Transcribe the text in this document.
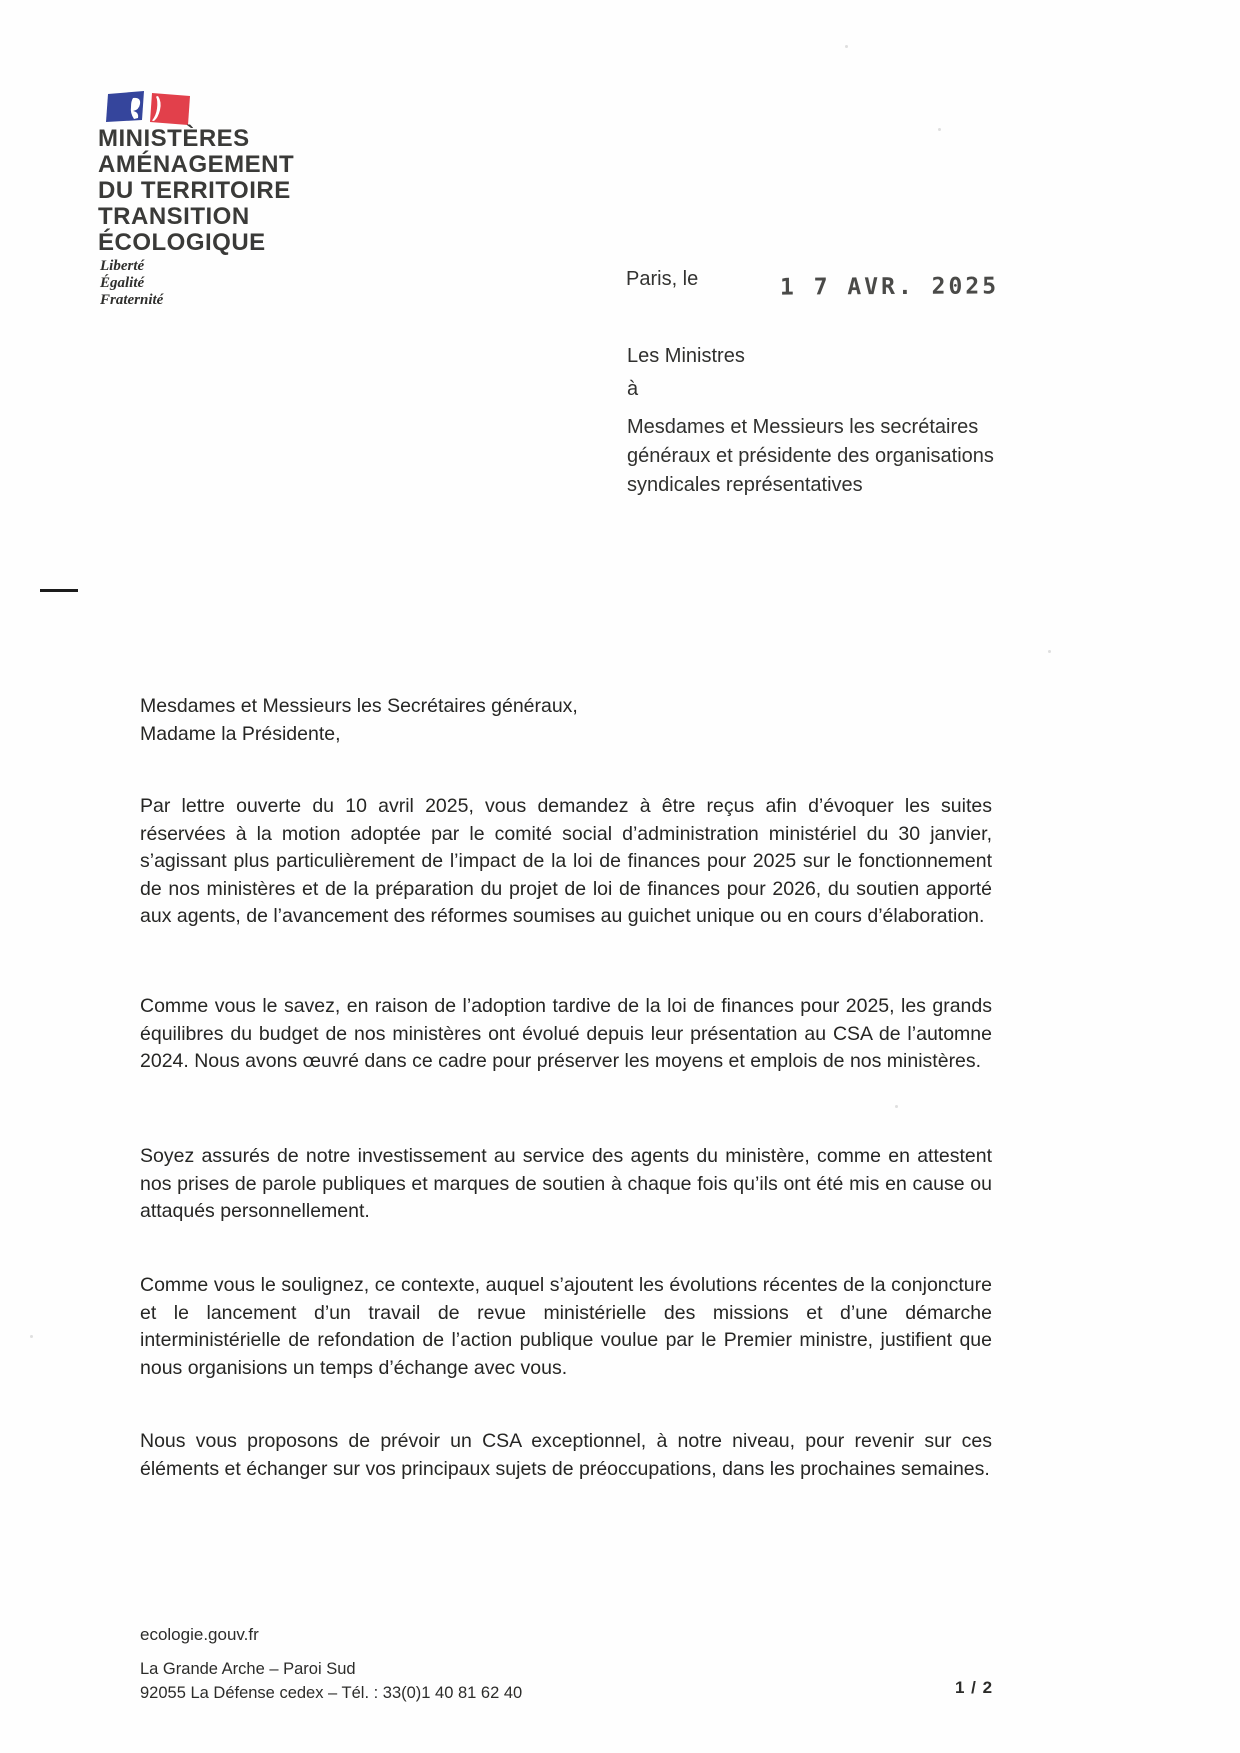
MINISTÈRES
AMÉNAGEMENT
DU TERRITOIRE
TRANSITION
ÉCOLOGIQUE
Liberté
Égalité
Fraternité
Paris, le	1 7 AVR. 2025
Les Ministres
à
Mesdames et Messieurs les secrétaires
généraux et présidente des organisations
syndicales représentatives
Mesdames et Messieurs les Secrétaires généraux,
Madame la Présidente,
Par lettre ouverte du 10 avril 2025, vous demandez à être reçus afin d’évoquer les suites réservées à la motion adoptée par le comité social d’administration ministériel du 30 janvier, s’agissant plus particulièrement de l’impact de la loi de finances pour 2025 sur le fonctionnement de nos ministères et de la préparation du projet de loi de finances pour 2026, du soutien apporté aux agents, de l’avancement des réformes soumises au guichet unique ou en cours d’élaboration.
Comme vous le savez, en raison de l’adoption tardive de la loi de finances pour 2025, les grands équilibres du budget de nos ministères ont évolué depuis leur présentation au CSA de l’automne 2024. Nous avons œuvré dans ce cadre pour préserver les moyens et emplois de nos ministères.
Soyez assurés de notre investissement au service des agents du ministère, comme en attestent nos prises de parole publiques et marques de soutien à chaque fois qu’ils ont été mis en cause ou attaqués personnellement.
Comme vous le soulignez, ce contexte, auquel s’ajoutent les évolutions récentes de la conjoncture et le lancement d’un travail de revue ministérielle des missions et d’une démarche interministérielle de refondation de l’action publique voulue par le Premier ministre, justifient que nous organisions un temps d’échange avec vous.
Nous vous proposons de prévoir un CSA exceptionnel, à notre niveau, pour revenir sur ces éléments et échanger sur vos principaux sujets de préoccupations, dans les prochaines semaines.
ecologie.gouv.fr
La Grande Arche – Paroi Sud
92055 La Défense cedex – Tél. : 33(0)1 40 81 62 40	1 / 2
